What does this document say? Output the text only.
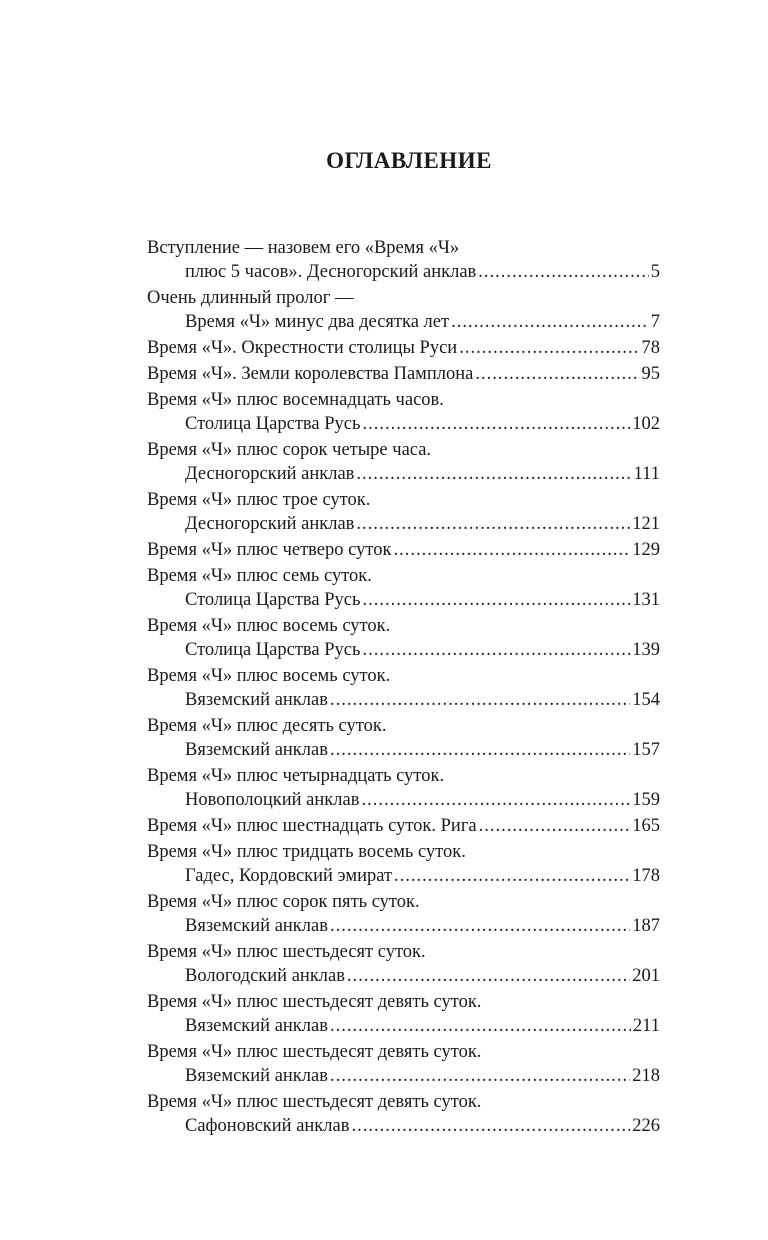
ОГЛАВЛЕНИЕ
Вступление — назовем его «Время «Ч»
плюс 5 часов». Десногорский анклав .....	5
Очень длинный пролог —
Время «Ч» минус два десятка лет .....	7
Время «Ч». Окрестности столицы Руси .....	78
Время «Ч». Земли королевства Памплона .....	95
Время «Ч» плюс восемнадцать часов.
Столица Царства Русь .....	102
Время «Ч» плюс сорок четыре часа.
Десногорский анклав .....	111
Время «Ч» плюс трое суток.
Десногорский анклав .....	121
Время «Ч» плюс четверо суток .....	129
Время «Ч» плюс семь суток.
Столица Царства Русь .....	131
Время «Ч» плюс восемь суток.
Столица Царства Русь .....	139
Время «Ч» плюс восемь суток.
Вяземский анклав .....	154
Время «Ч» плюс десять суток.
Вяземский анклав .....	157
Время «Ч» плюс четырнадцать суток.
Новополоцкий анклав .....	159
Время «Ч» плюс шестнадцать суток. Рига .....	165
Время «Ч» плюс тридцать восемь суток.
Гадес, Кордовский эмират .....	178
Время «Ч» плюс сорок пять суток.
Вяземский анклав .....	187
Время «Ч» плюс шестьдесят суток.
Вологодский анклав .....	201
Время «Ч» плюс шестьдесят девять суток.
Вяземский анклав .....	211
Время «Ч» плюс шестьдесят девять суток.
Вяземский анклав .....	218
Время «Ч» плюс шестьдесят девять суток.
Сафоновский анклав .....	226
